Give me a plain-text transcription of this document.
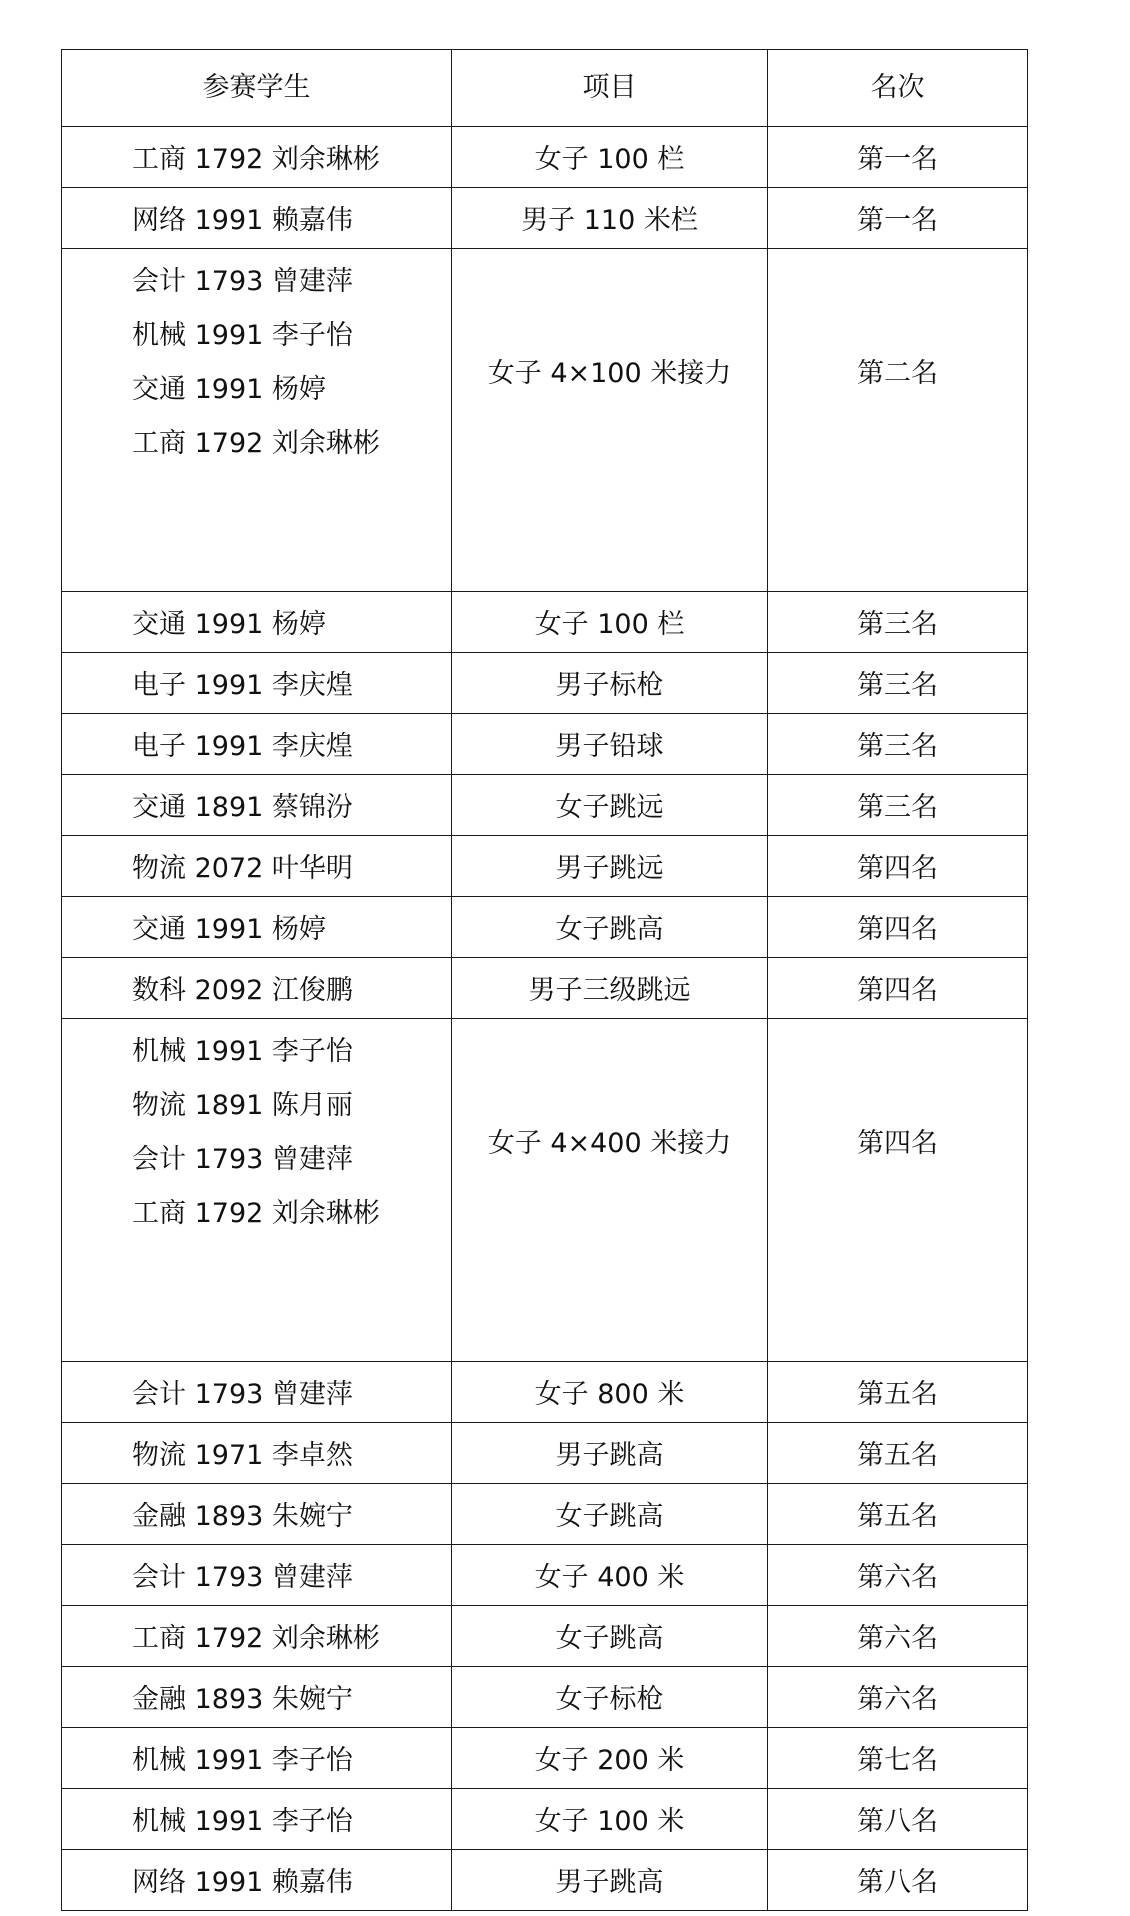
参赛学生	项目	名次

工商 1792 刘余琳彬	女子 100 栏	第一名

网络 1991 赖嘉伟	男子 110 米栏	第一名

会计 1793 曾建萍
机械 1991 李子怡
交通 1991 杨婷
工商 1792 刘余琳彬	女子 4×100 米接力	第二名

交通 1991 杨婷	女子 100 栏	第三名

电子 1991 李庆煌	男子标枪	第三名

电子 1991 李庆煌	男子铅球	第三名

交通 1891 蔡锦汾	女子跳远	第三名

物流 2072 叶华明	男子跳远	第四名

交通 1991 杨婷	女子跳高	第四名

数科 2092 江俊鹏	男子三级跳远	第四名

机械 1991 李子怡
物流 1891 陈月丽
会计 1793 曾建萍
工商 1792 刘余琳彬	女子 4×400 米接力	第四名

会计 1793 曾建萍	女子 800 米	第五名

物流 1971 李卓然	男子跳高	第五名

金融 1893 朱婉宁	女子跳高	第五名

会计 1793 曾建萍	女子 400 米	第六名

工商 1792 刘余琳彬	女子跳高	第六名

金融 1893 朱婉宁	女子标枪	第六名

机械 1991 李子怡	女子 200 米	第七名

机械 1991 李子怡	女子 100 米	第八名

网络 1991 赖嘉伟	男子跳高	第八名
